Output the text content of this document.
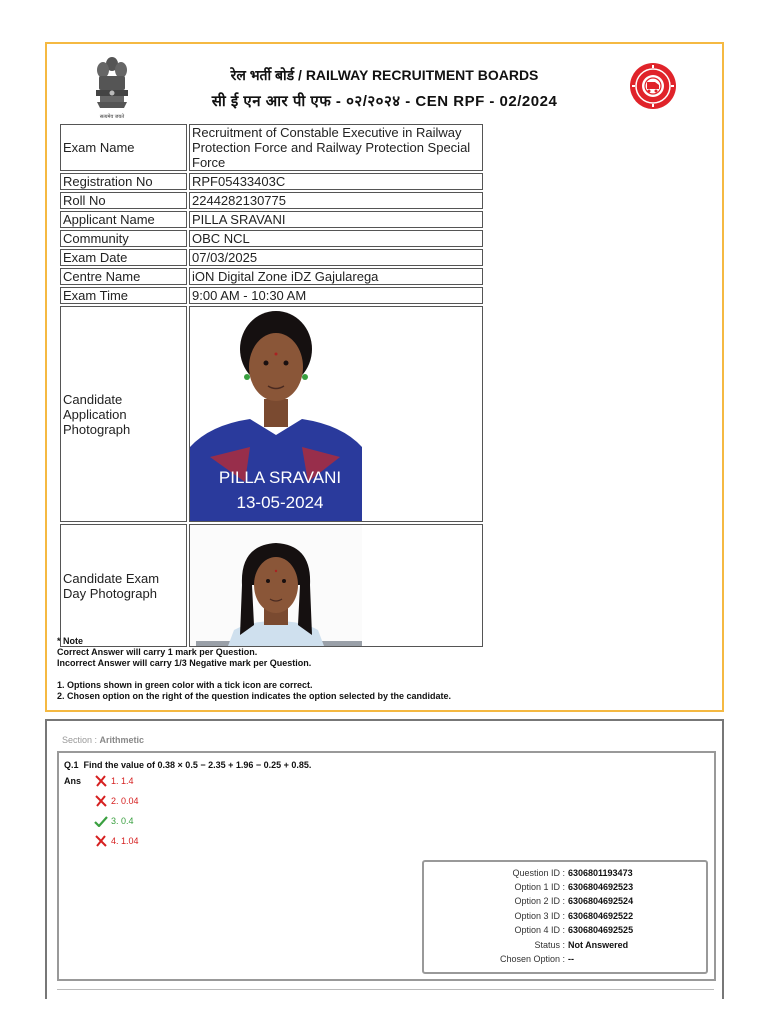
सत्यमेव जयते
रेल भर्ती बोर्ड / RAILWAY RECRUITMENT BOARDS
सी ई एन आर पी एफ - ०२/२०२४ - CEN RPF - 02/2024
Exam Name	Recruitment of Constable Executive in Railway Protection Force and Railway Protection Special Force
Registration No	RPF05433403C
Roll No	2244282130775
Applicant Name	PILLA SRAVANI
Community	OBC NCL
Exam Date	07/03/2025
Centre Name	iON Digital Zone iDZ Gajularega
Exam Time	9:00 AM - 10:30 AM
Candidate Application Photograph	PILLA SRAVANI
13-05-2024

Candidate Exam Day Photograph	
* Note
Correct Answer will carry 1 mark per Question.
Incorrect Answer will carry 1/3 Negative mark per Question.
1. Options shown in green color with a tick icon are correct.
2. Chosen option on the right of the question indicates the option selected by the candidate.
Section : Arithmetic
Q.1 Find the value of 0.38 × 0.5 − 2.35 + 1.96 − 0.25 + 0.85.
Ans	1. 1.4
2. 0.04
3. 0.4
4. 1.04
Question ID : 6306801193473
Option 1 ID : 6306804692523
Option 2 ID : 6306804692524
Option 3 ID : 6306804692522
Option 4 ID : 6306804692525
Status : Not Answered
Chosen Option : --
